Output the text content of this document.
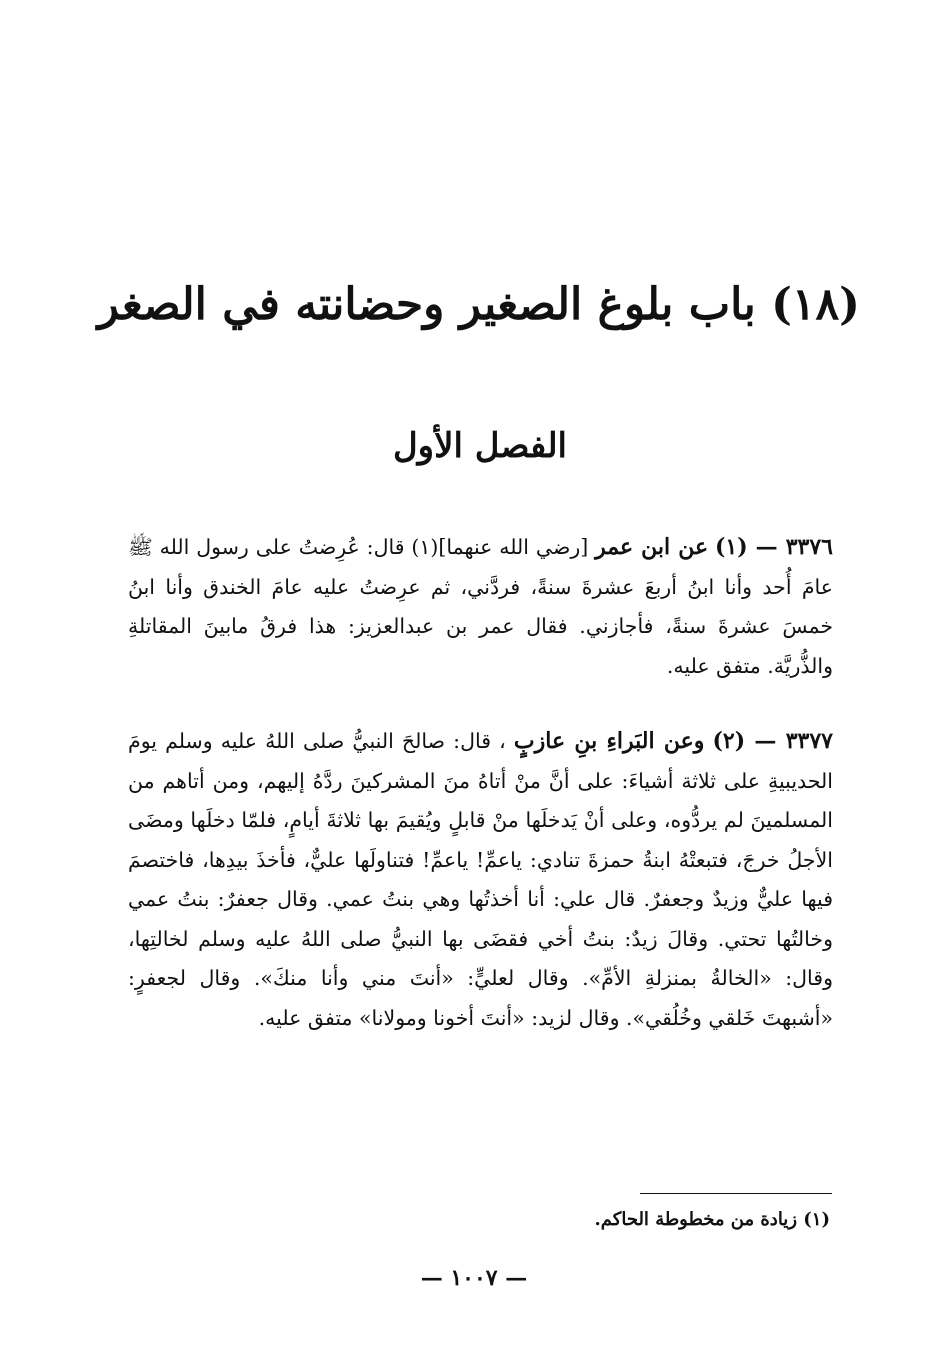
(١٨) باب بلوغ الصغير وحضانته في الصغر
الفصل الأول
٣٣٧٦ — (١) عن ابن عمر [رضي الله عنهما](١) قال: عُرِضتُ على رسول الله ﷺ عامَ أُحد وأنا ابنُ أربعَ عشرةَ سنةً، فردَّني، ثم عرِضتُ عليه عامَ الخندق وأنا ابنُ خمسَ عشرةَ سنةً، فأجازني. فقال عمر بن عبدالعزيز: هذا فرقُ مابينَ المقاتلةِ والذُّريَّة. متفق عليه.
٣٣٧٧ — (٢) وعن البَراءِ بنِ عازبٍ ، قال: صالحَ النبيُّ صلى اللهُ عليه وسلم يومَ الحديبيةِ على ثلاثة أشياءَ: على أنَّ منْ أتاهُ منَ المشركينَ ردَّهُ إليهم، ومن أتاهم من المسلمينَ لم يردُّوه، وعلى أنْ يَدخلَها منْ قابلٍ ويُقيمَ بها ثلاثةَ أيامٍ، فلمّا دخلَها ومضَى الأجلُ خرجَ، فتبعتْهُ ابنةُ حمزةَ تنادي: ياعمِّ! ياعمِّ! فتناولَها عليٌّ، فأخذَ بيدِها، فاختصمَ فيها عليٌّ وزيدٌ وجعفرٌ. قال علي: أنا أخذتُها وهي بنتُ عمي. وقال جعفرٌ: بنتُ عمي وخالتُها تحتي. وقالَ زيدٌ: بنتُ أخي فقضَى بها النبيُّ صلى اللهُ عليه وسلم لخالتِها، وقال: «الخالةُ بمنزلةِ الأمِّ». وقال لعليٍّ: «أنتَ مني وأنا منكَ». وقال لجعفرٍ: «أشبهتَ خَلقي وخُلُقي». وقال لزيد: «أنتَ أخونا ومولانا» متفق عليه.
(١) زيادة من مخطوطة الحاكم.
— ١٠٠٧ —
